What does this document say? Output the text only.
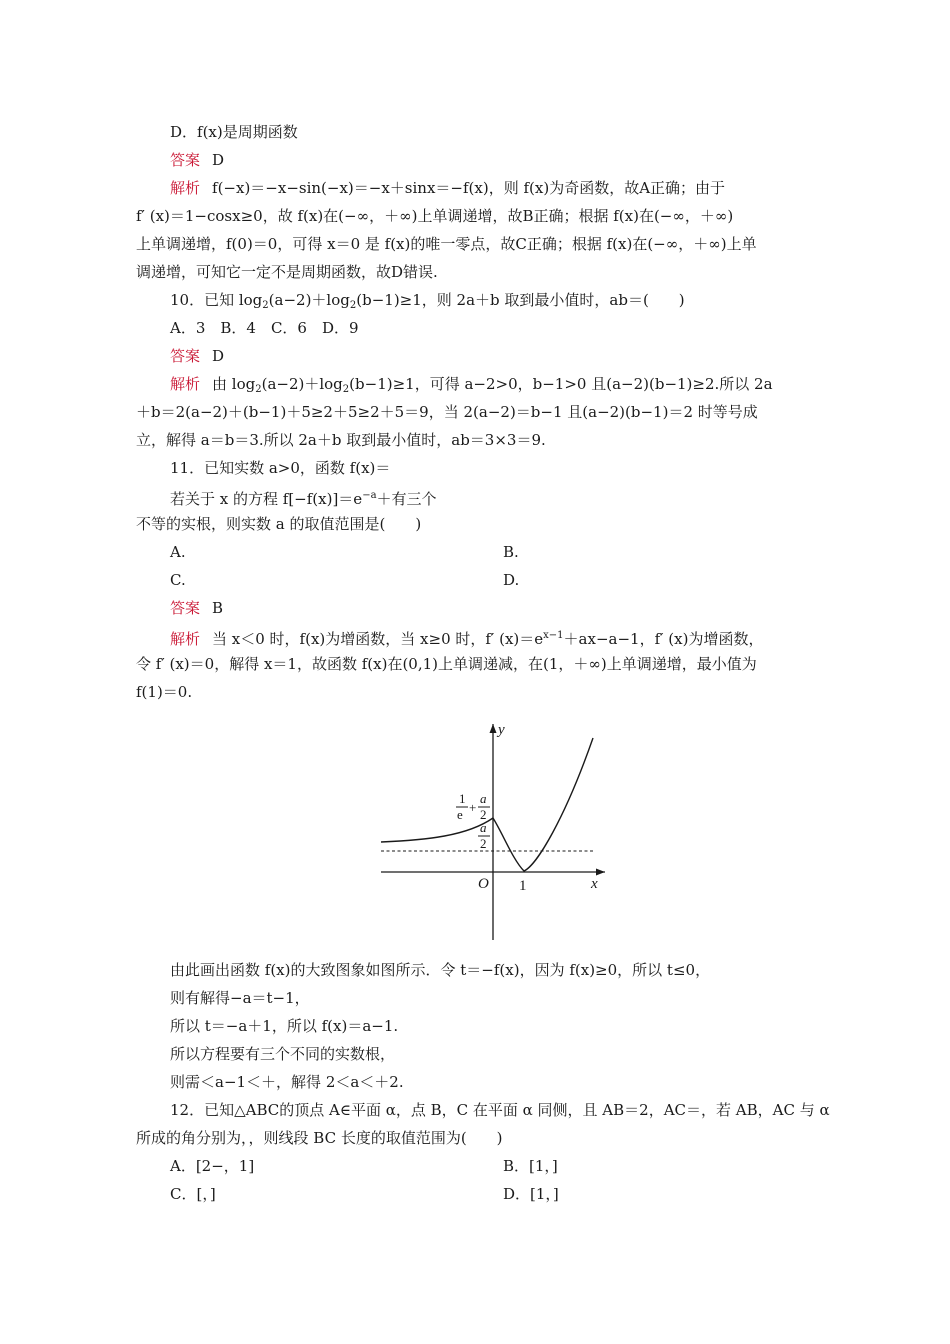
D．f(x)是周期函数
答案 D
解析 f(−x)＝−x−sin(−x)＝−x＋sinx＝−f(x)，则 f(x)为奇函数，故A正确；由于
f′ (x)＝1−cosx≥0，故 f(x)在(−∞，＋∞)上单调递增，故B正确；根据 f(x)在(−∞，＋∞)
上单调递增，f(0)＝0，可得 x＝0 是 f(x)的唯一零点，故C正确；根据 f(x)在(−∞，＋∞)上单
调递增，可知它一定不是周期函数，故D错误.
10．已知 $\log_2(a-2)+\log_2(b-1)\ge 1$，则 2a＋b 取到最小值时，ab＝(　　)
A．3　B．4　C．6　D．9
答案 D
解析 由 $\log_2(a-2)+\log_2(b-1)\ge 1$，可得 a−2>0，b−1>0 且(a−2)(b−1)≥2.所以 2a
＋b＝2(a−2)＋(b−1)＋5≥2＋5≥2＋5＝9，当 2(a−2)＝b−1 且(a−2)(b−1)＝2 时等号成
立，解得 a＝b＝3.所以 2a＋b 取到最小值时，ab＝3×3＝9.
11．已知实数 a>0，函数 f(x)＝
若关于 x 的方程 $f[-f(x)]=e^{-a}+$有三个
不等的实根，则实数 a 的取值范围是(　　)
A.	B.
C.	D.
答案 B
解析 当 x＜0 时，f(x)为增函数，当 x≥0 时，f′ $(x)=e^{x-1}+ax-a-1$，f′ (x)为增函数，
令 f′ (x)＝0，解得 x＝1，故函数 f(x)在(0,1)上单调递减，在(1，＋∞)上单调递增，最小值为
f(1)＝0.
y
x
O 1
1
e +
a
2
a
2
由此画出函数 f(x)的大致图象如图所示．令 t＝−f(x)，因为 f(x)≥0，所以 t≤0，
则有解得−a＝t−1，
所以 t＝−a＋1，所以 f(x)＝a−1.
所以方程要有三个不同的实数根，
则需＜a−1＜＋，解得 2＜a＜＋2.
12．已知△ABC的顶点 A∈平面 α，点 B，C 在平面 α 同侧，且 AB＝2，AC＝，若 AB，AC 与 α
所成的角分别为，，则线段 BC 长度的取值范围为(　　)
A．[2−，1]	B．[1，]
C．[，]	D．[1，]
